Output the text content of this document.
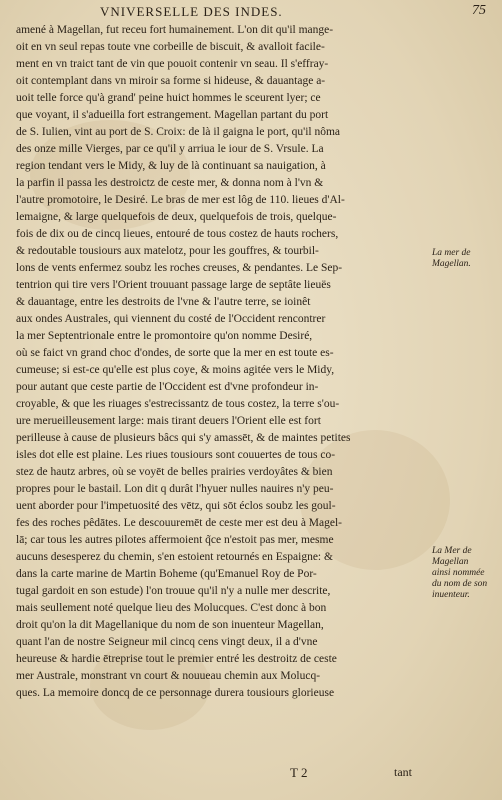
VNIVERSELLE DES INDES.	75
amené à Magellan, fut receu fort humainement. L'on dit qu'il mange-
oit en vn seul repas toute vne corbeille de biscuit, & avalloit facile-
ment en vn traict tant de vin que pouoit contenir vn seau. Il s'effray-
oit contemplant dans vn miroir sa forme si hideuse, & dauantage a-
uoit telle force qu'à grand' peine huict hommes le sceurent lyer; ce
que voyant, il s'adueilla fort estrangement. Magellan partant du port
de S. Iulien, vint au port de S. Croix: de là il gaigna le port, qu'il nôma
des onze mille Vierges, par ce qu'il y arriua le iour de S. Vrsule. La
region tendant vers le Midy, & luy de là continuant sa nauigation, à
la parfin il passa les destroictz de ceste mer, & donna nom à l'vn &
l'autre promotoire, le Desiré. Le bras de mer est lôg de 110. lieues d'Al-
lemaigne, & large quelquefois de deux, quelquefois de trois, quelque-
fois de dix ou de cincq lieues, entouré de tous costez de hauts rochers,
& redoutable tousiours aux matelotz, pour les gouffres, & tourbil-
lons de vents enfermez soubz les roches creuses, & pendantes. Le Sep-
tentrion qui tire vers l'Orient trouuant passage large de septâte lieuës
& dauantage, entre les destroits de l'vne & l'autre terre, se ioinêt
aux ondes Australes, qui viennent du costé de l'Occident rencontrer
la mer Septentrionale entre le promontoire qu'on nomme Desiré,
où se faict vn grand choc d'ondes, de sorte que la mer en est toute es-
cumeuse; si est-ce qu'elle est plus coye, & moins agitée vers le Midy,
pour autant que ceste partie de l'Occident est d'vne profondeur in-
croyable, & que les riuages s'estrecissantz de tous costez, la terre s'ou-
ure merueilleusement large: mais tirant deuers l'Orient elle est fort
perilleuse à cause de plusieurs bâcs qui s'y amassēt, & de maintes petites
isles dot elle est plaine. Les riues tousiours sont couuertes de tous co-
stez de hautz arbres, où se voyēt de belles prairies verdoyâtes & bien
propres pour le bastail. Lon dit q durât l'hyuer nulles nauires n'y peu-
uent aborder pour l'impetuosité des vētz, qui sōt éclos soubz les goul-
fes des roches pêdātes. Le descouuremēt de ceste mer est deu à Magel-
lā; car tous les autres pilotes affermoient q̃ce n'estoit pas mer, mesme
aucuns desesperez du chemin, s'en estoient retournés en Espaigne: &
dans la carte marine de Martin Boheme (qu'Emanuel Roy de Por-
tugal gardoit en son estude) l'on trouue qu'il n'y a nulle mer descrite,
mais seullement noté quelque lieu des Molucques. C'est donc à bon
droit qu'on la dit Magellanique du nom de son inuenteur Magellan,
quant l'an de nostre Seigneur mil cincq cens vingt deux, il a d'vne
heureuse & hardie ētreprise tout le premier entré les destroitz de ceste
mer Australe, monstrant vn court & nouueau chemin aux Molucq-
ques. La memoire doncq de ce personnage durera tousiours glorieuse
La mer de
Magellan.
La Mer de
Magellan
ainsi nommée
du nom de son
inuenteur.
T 2	tant
